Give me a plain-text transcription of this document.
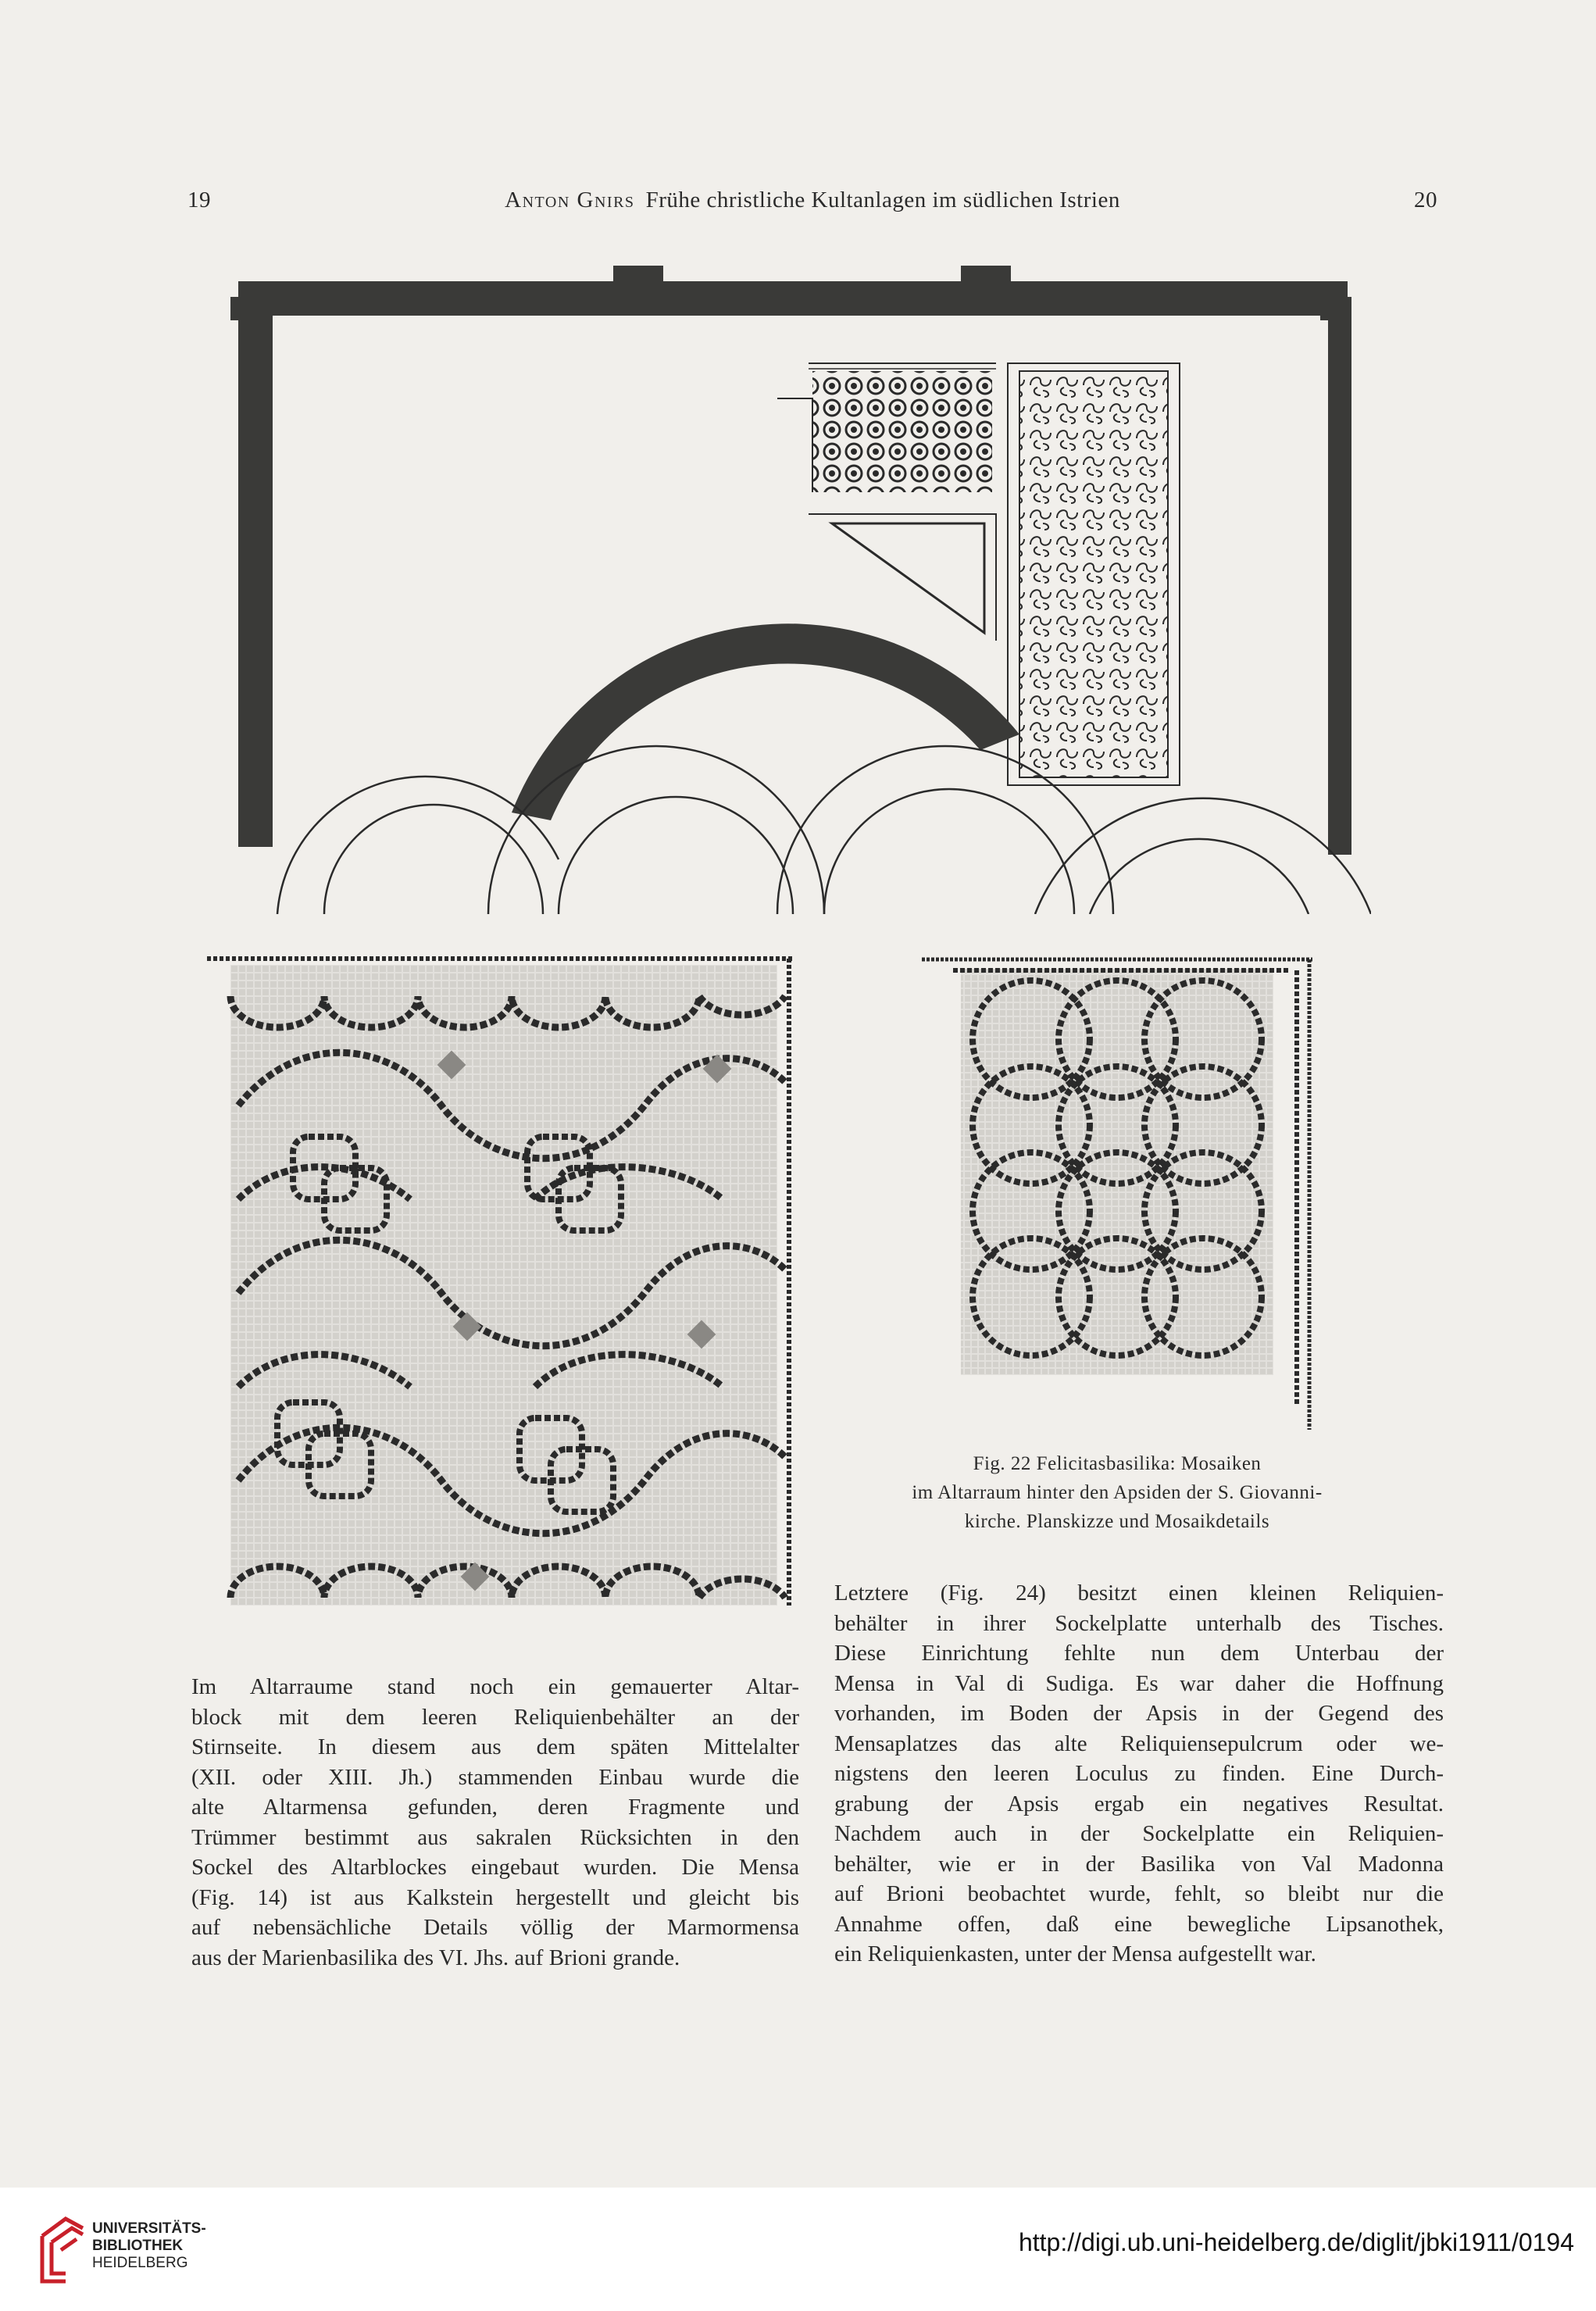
19	Anton Gnirs Frühe christliche Kultanlagen im südlichen Istrien	20
Fig. 22 Felicitasbasilika: Mosaiken
im Altarraum hinter den Apsiden der S. Giovanni-
kirche. Planskizze und Mosaikdetails
Im Altarraume stand noch ein gemauerter Altar-
block mit dem leeren Reliquienbehälter an der
Stirnseite. In diesem aus dem späten Mittelalter
(XII. oder XIII. Jh.) stammenden Einbau wurde die
alte Altarmensa gefunden, deren Fragmente und
Trümmer bestimmt aus sakralen Rücksichten in den
Sockel des Altarblockes eingebaut wurden. Die Mensa
(Fig. 14) ist aus Kalkstein hergestellt und gleicht bis
auf nebensächliche Details völlig der Marmormensa
aus der Marienbasilika des VI. Jhs. auf Brioni grande.
Letztere (Fig. 24) besitzt einen kleinen Reliquien-
behälter in ihrer Sockelplatte unterhalb des Tisches.
Diese Einrichtung fehlte nun dem Unterbau der
Mensa in Val di Sudiga. Es war daher die Hoffnung
vorhanden, im Boden der Apsis in der Gegend des
Mensaplatzes das alte Reliquiensepulcrum oder we-
nigstens den leeren Loculus zu finden. Eine Durch-
grabung der Apsis ergab ein negatives Resultat.
Nachdem auch in der Sockelplatte ein Reliquien-
behälter, wie er in der Basilika von Val Madonna
auf Brioni beobachtet wurde, fehlt, so bleibt nur die
Annahme offen, daß eine bewegliche Lipsanothek,
ein Reliquienkasten, unter der Mensa aufgestellt war.
UNIVERSITÄTS-
BIBLIOTHEK
HEIDELBERG
http://digi.ub.uni-heidelberg.de/diglit/jbki1911/0194
